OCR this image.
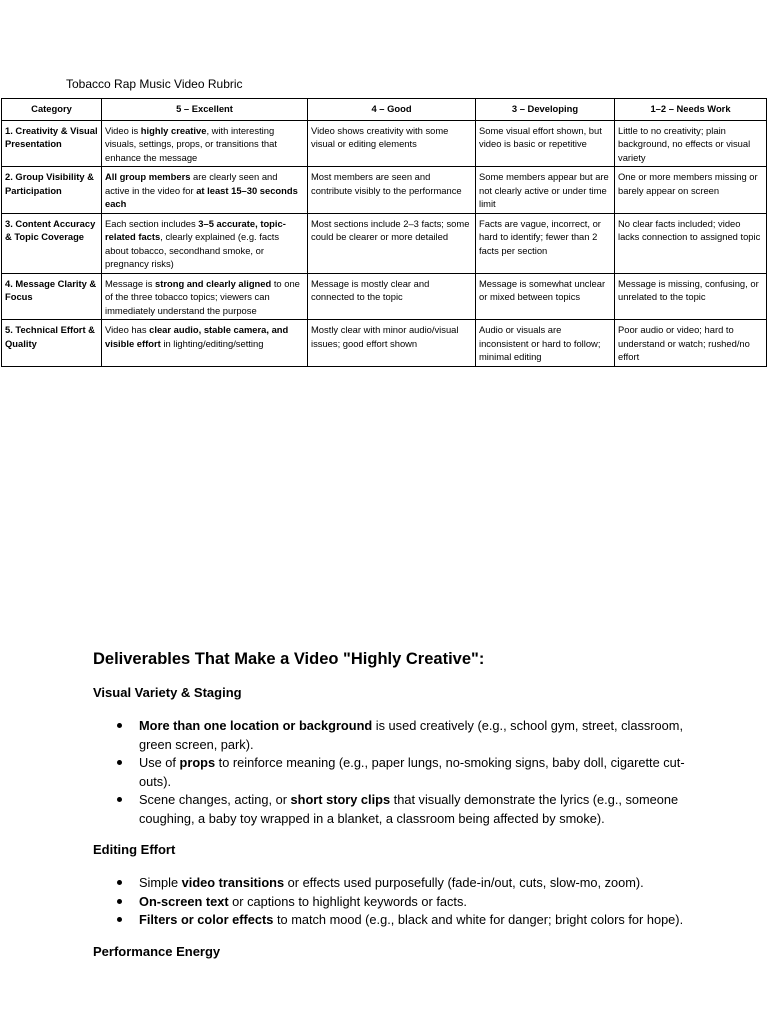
Tobacco Rap Music Video Rubric
Category	5 – Excellent	4 – Good	3 – Developing	1–2 – Needs Work
1. Creativity & Visual Presentation	Video is highly creative, with interesting visuals, settings, props, or transitions that enhance the message	Video shows creativity with some visual or editing elements	Some visual effort shown, but video is basic or repetitive	Little to no creativity; plain background, no effects or visual variety
2. Group Visibility & Participation	All group members are clearly seen and active in the video for at least 15–30 seconds each	Most members are seen and contribute visibly to the performance	Some members appear but are not clearly active or under time limit	One or more members missing or barely appear on screen
3. Content Accuracy & Topic Coverage	Each section includes 3–5 accurate, topic-related facts, clearly explained (e.g. facts about tobacco, secondhand smoke, or pregnancy risks)	Most sections include 2–3 facts; some could be clearer or more detailed	Facts are vague, incorrect, or hard to identify; fewer than 2 facts per section	No clear facts included; video lacks connection to assigned topic
4. Message Clarity & Focus	Message is strong and clearly aligned to one of the three tobacco topics; viewers can immediately understand the purpose	Message is mostly clear and connected to the topic	Message is somewhat unclear or mixed between topics	Message is missing, confusing, or unrelated to the topic
5. Technical Effort & Quality	Video has clear audio, stable camera, and visible effort in lighting/editing/setting	Mostly clear with minor audio/visual issues; good effort shown	Audio or visuals are inconsistent or hard to follow; minimal editing	Poor audio or video; hard to understand or watch; rushed/no effort
Deliverables That Make a Video "Highly Creative":
Visual Variety & Staging
More than one location or background is used creatively (e.g., school gym, street, classroom, green screen, park).
Use of props to reinforce meaning (e.g., paper lungs, no-smoking signs, baby doll, cigarette cut-outs).
Scene changes, acting, or short story clips that visually demonstrate the lyrics (e.g., someone coughing, a baby toy wrapped in a blanket, a classroom being affected by smoke).
Editing Effort
Simple video transitions or effects used purposefully (fade-in/out, cuts, slow-mo, zoom).
On-screen text or captions to highlight keywords or facts.
Filters or color effects to match mood (e.g., black and white for danger; bright colors for hope).
Performance Energy
